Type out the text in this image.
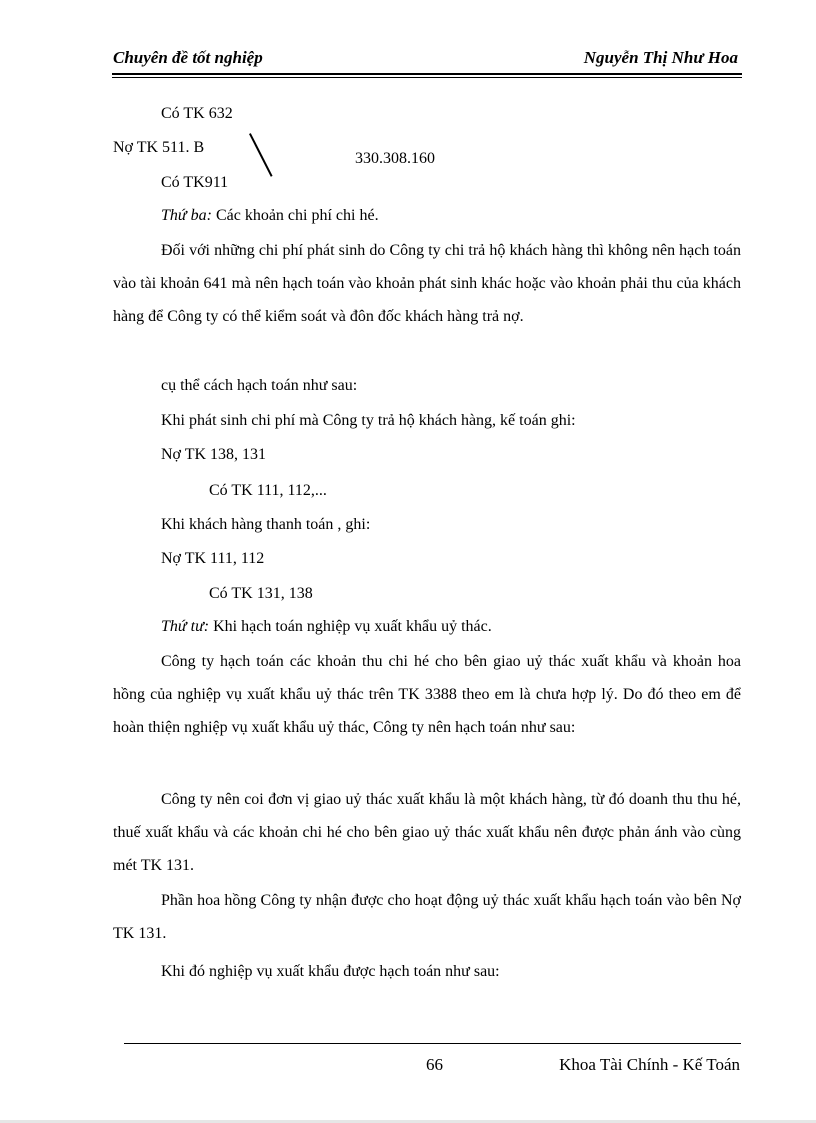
Chuyên đề tốt nghiệp	Nguyễn Thị Như Hoa
Có TK 632
Nợ TK 511. B
330.308.160
Có TK911
Thứ ba: Các khoản chi phí chi hé.
Đối với những chi phí phát sinh do Công ty chi trả hộ khách hàng thì không nên hạch toán vào tài khoản 641 mà nên hạch toán vào khoản phát sinh khác hoặc vào khoản phải thu của khách hàng để Công ty có thể kiểm soát và đôn đốc khách hàng trả nợ.
cụ thể cách hạch toán như sau:
Khi phát sinh chi phí mà Công ty trả hộ khách hàng, kế toán ghi:
Nợ TK 138, 131
Có TK 111, 112,...
Khi khách hàng thanh toán , ghi:
Nợ TK 111, 112
Có TK 131, 138
Thứ tư: Khi hạch toán nghiệp vụ xuất khẩu uỷ thác.
Công ty hạch toán các khoản thu chi hé cho bên giao uỷ thác xuất khẩu và khoản hoa hồng của nghiệp vụ xuất khẩu uỷ thác trên TK 3388 theo em là chưa hợp lý. Do đó theo em để hoàn thiện nghiệp vụ xuất khẩu uỷ thác, Công ty nên hạch toán như sau:
Công ty nên coi đơn vị giao uỷ thác xuất khẩu là một khách hàng, từ đó doanh thu thu hé, thuế xuất khẩu và các khoản chi hé cho bên giao uỷ thác xuất khẩu nên được phản ánh vào cùng mét TK 131.
Phần hoa hồng Công ty nhận được cho hoạt động uỷ thác xuất khẩu hạch toán vào bên Nợ TK 131.
Khi đó nghiệp vụ xuất khẩu được hạch toán như sau:
66	Khoa Tài Chính - Kế Toán
